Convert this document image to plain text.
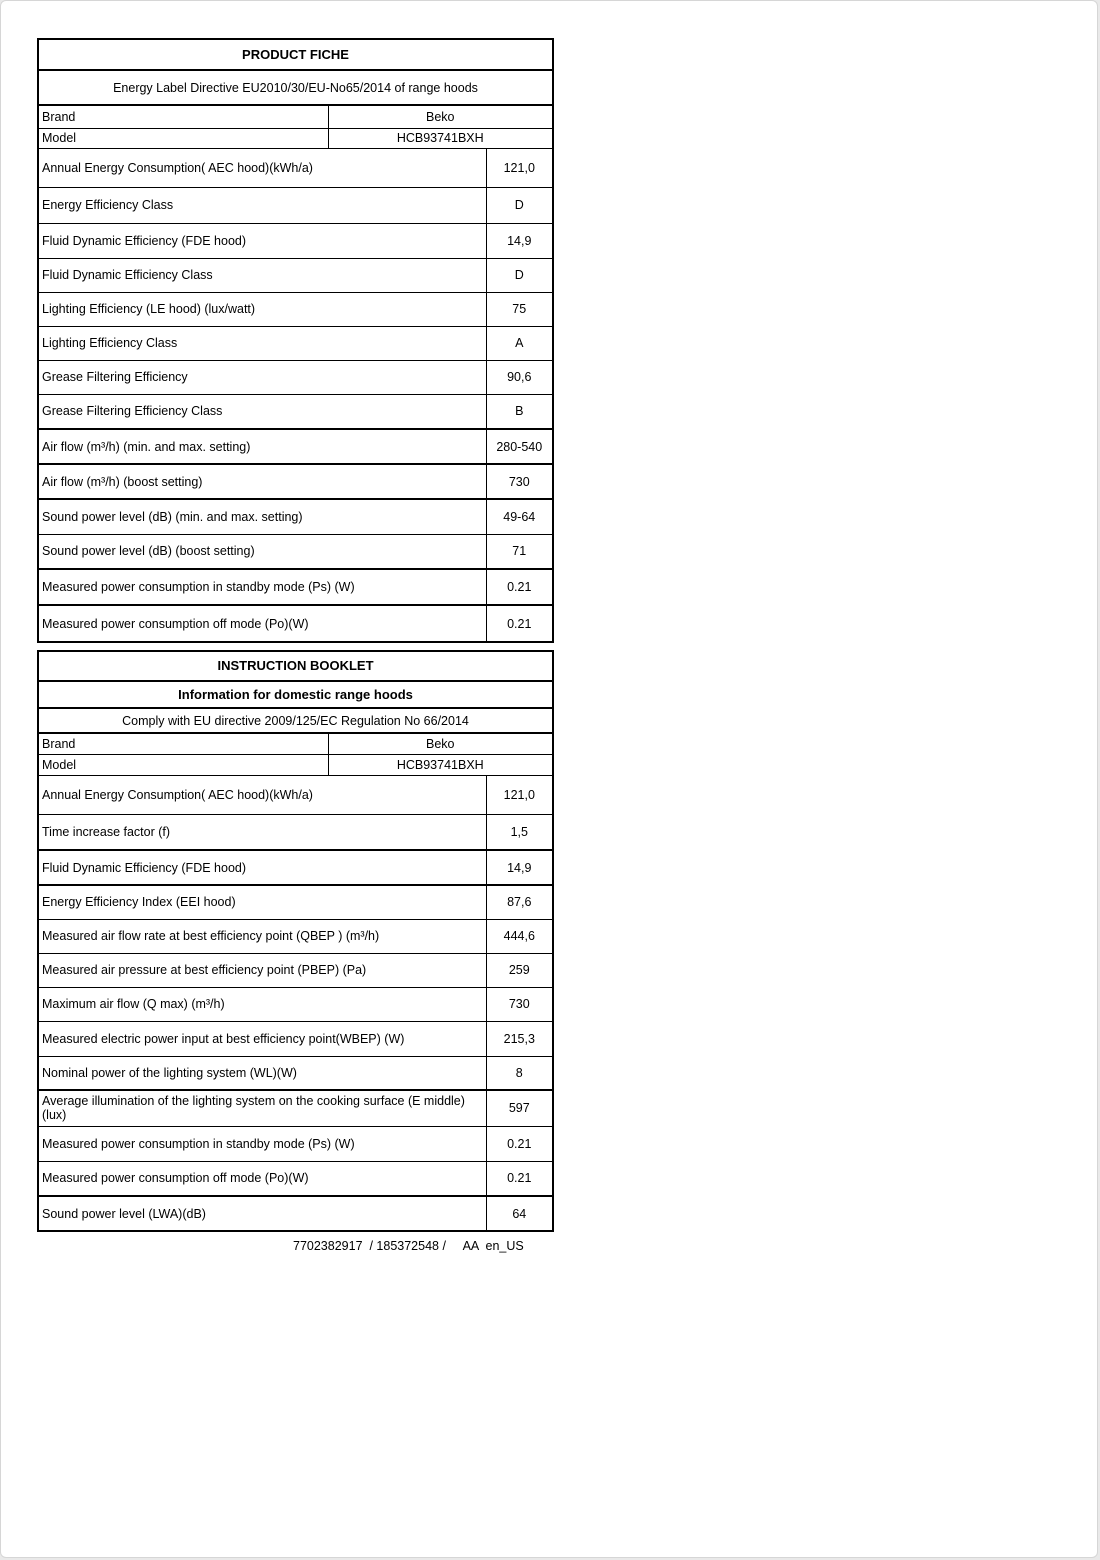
PRODUCT FICHE		
Energy Label Directive EU2010/30/EU-No65/2014 of range hoods		
Brand	Beko	
Model	HCB93741BXH	
Annual Energy Consumption( AEC hood)(kWh/a)		121,0
Energy Efficiency Class		D
Fluid Dynamic Efficiency (FDE hood)		14,9
Fluid Dynamic Efficiency Class		D
Lighting Efficiency (LE hood) (lux/watt)		75
Lighting Efficiency Class		A
Grease Filtering Efficiency		90,6
Grease Filtering Efficiency Class		B
Air flow (m³/h) (min. and max. setting)		280-540
Air flow (m³/h) (boost setting)		730
Sound power level (dB) (min. and max. setting)		49-64
Sound power level (dB) (boost setting)		71
Measured power consumption in standby mode (Ps) (W)		0.21
Measured power consumption off mode (Po)(W)		0.21
INSTRUCTION BOOKLET		
Information for domestic range hoods		
Comply with EU directive 2009/125/EC Regulation No 66/2014		
Brand	Beko	
Model	HCB93741BXH	
Annual Energy Consumption( AEC hood)(kWh/a)		121,0
Time increase factor (f)		1,5
Fluid Dynamic Efficiency (FDE hood)		14,9
Energy Efficiency Index (EEI hood)		87,6
Measured air flow rate at best efficiency point (QBEP ) (m³/h)		444,6
Measured air pressure at best efficiency point (PBEP) (Pa)		259
Maximum air flow (Q max) (m³/h)		730
Measured electric power input at best efficiency point(WBEP) (W)		215,3
Nominal power of the lighting system (WL)(W)		8
Average illumination of the lighting system on the cooking surface (E middle)(lux)		597
Measured power consumption in standby mode (Ps) (W)		0.21
Measured power consumption off mode (Po)(W)		0.21
Sound power level (LWA)(dB)		64
7702382917  / 185372548 /     AA  en_US
